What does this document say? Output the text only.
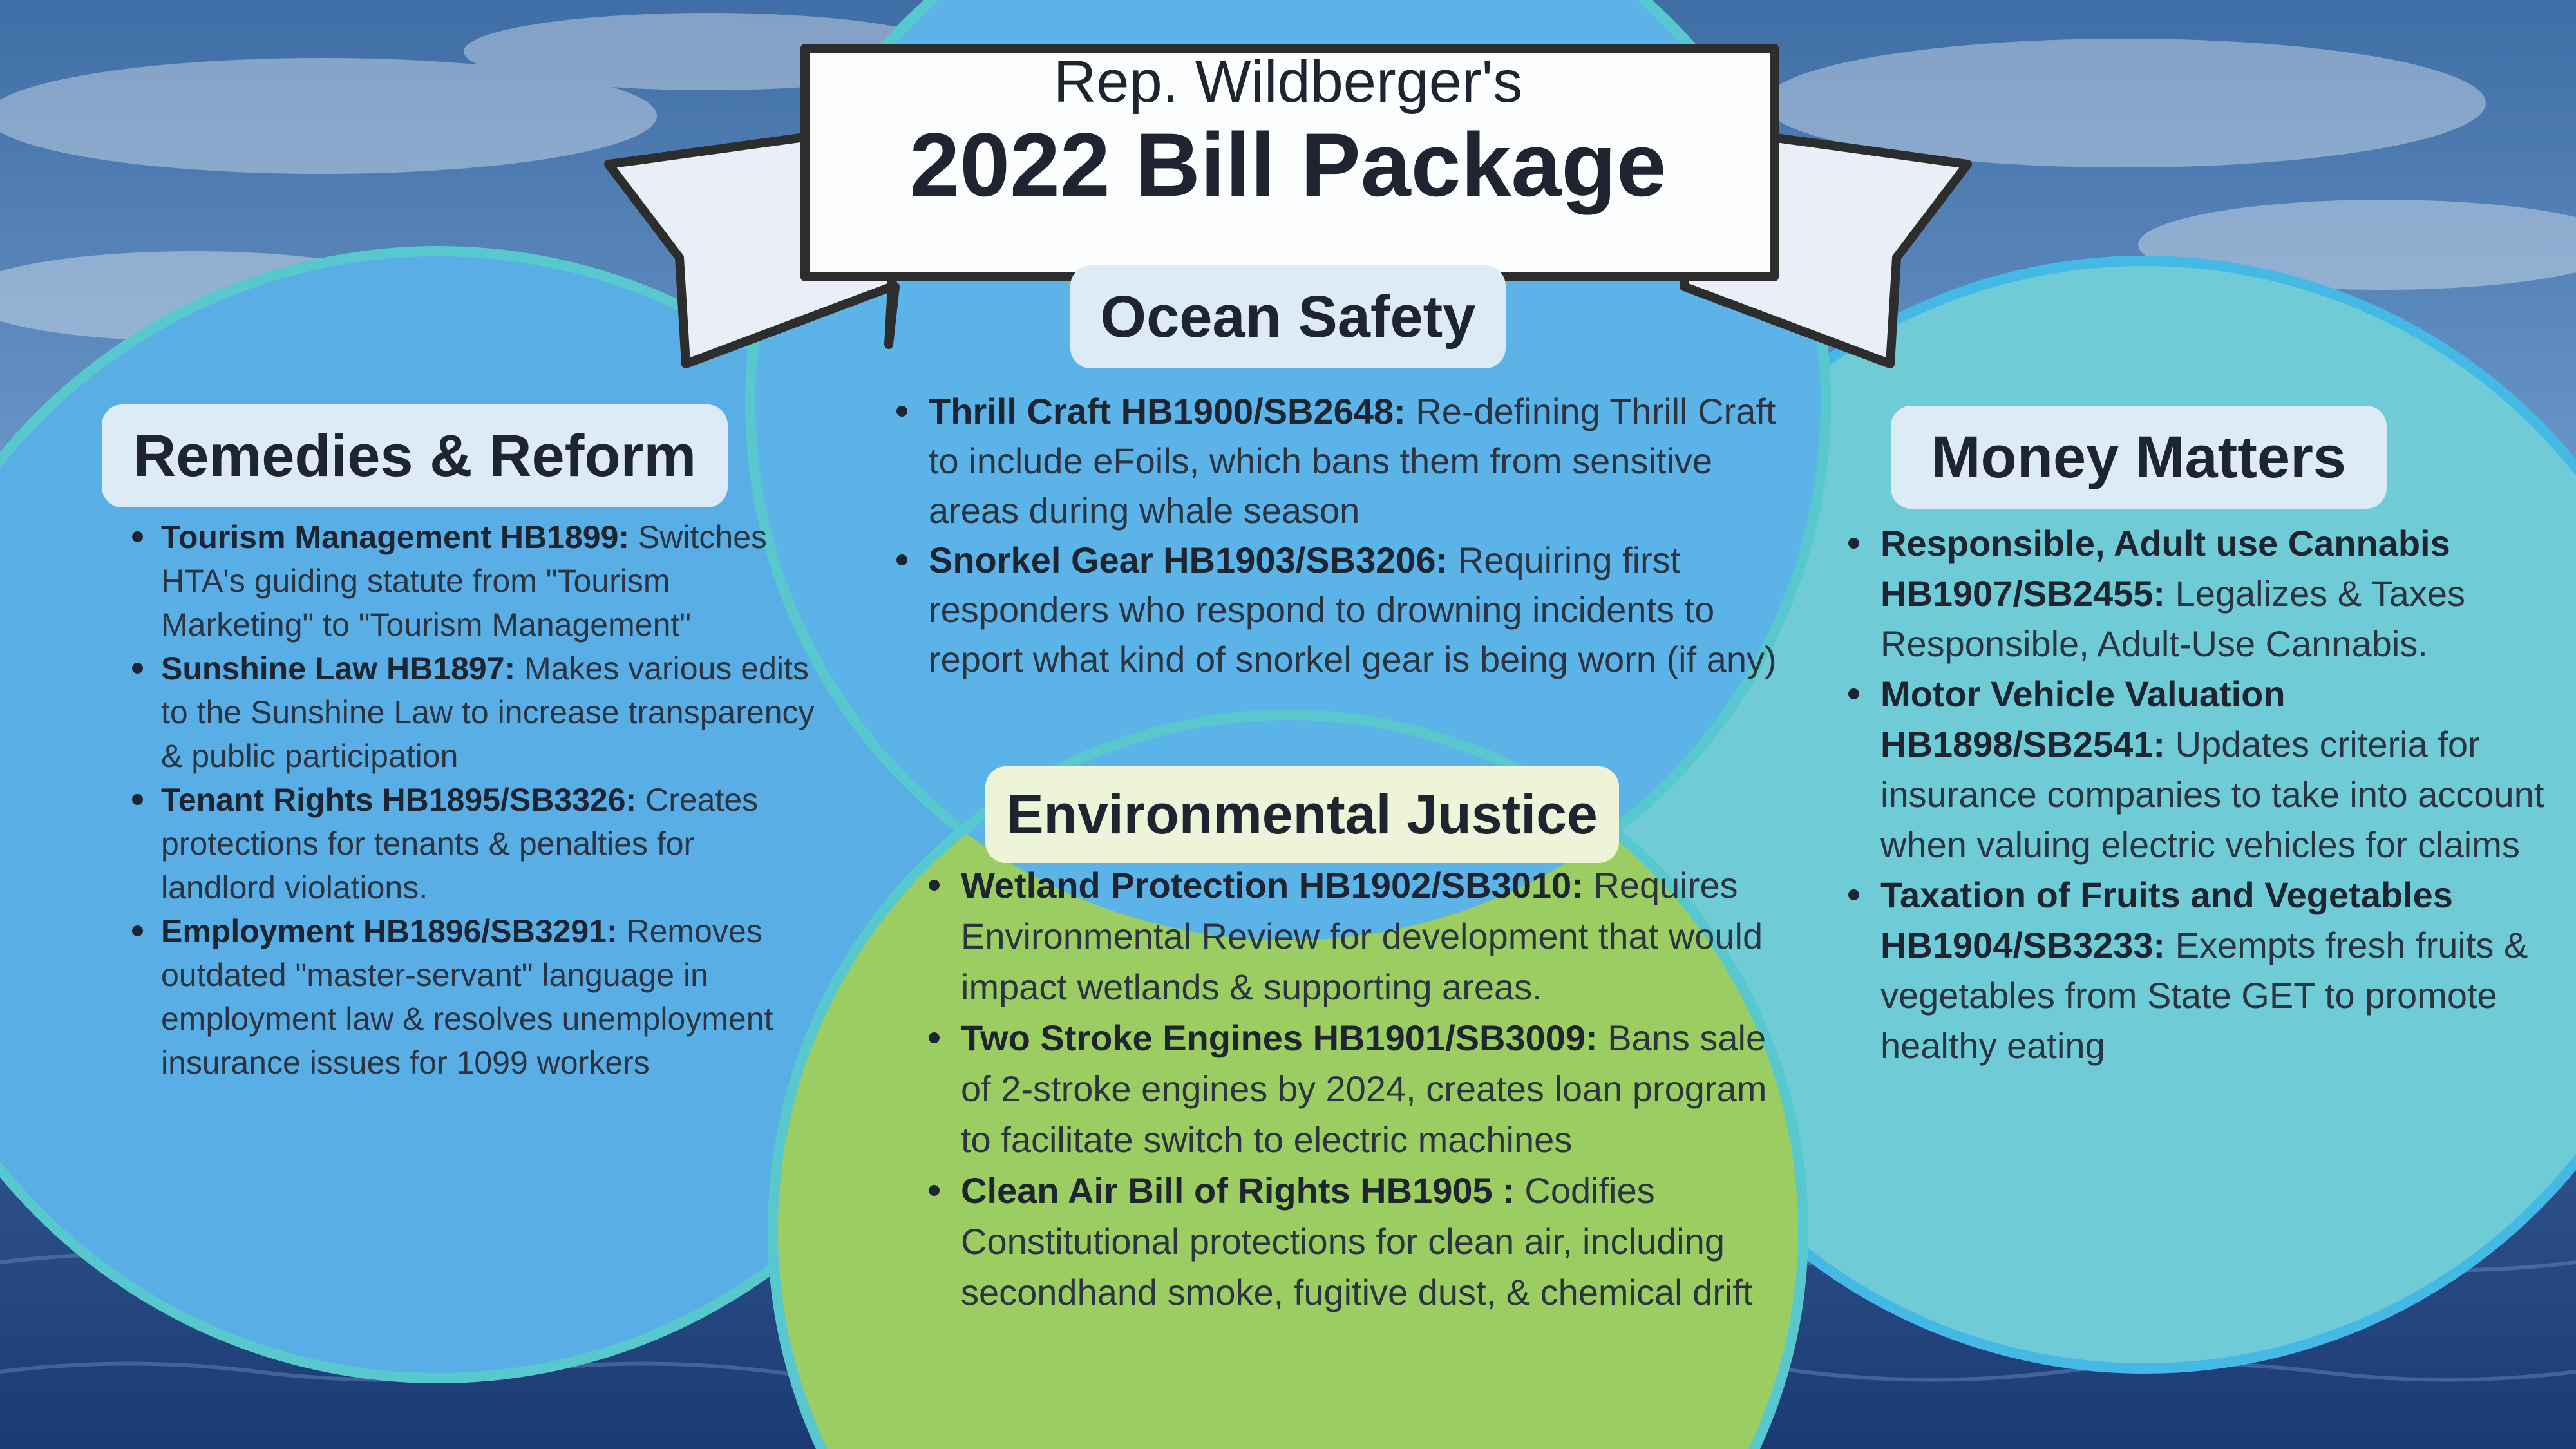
Rep. Wildberger's
2022 Bill Package
Remedies & Reform
Tourism Management HB1899: Switches HTA's guiding statute from "Tourism Marketing" to "Tourism Management"
Sunshine Law HB1897: Makes various edits to the Sunshine Law to increase transparency & public participation
Tenant Rights HB1895/SB3326: Creates protections for tenants & penalties for landlord violations.
Employment HB1896/SB3291: Removes outdated "master-servant" language in employment law & resolves unemployment insurance issues for 1099 workers
Ocean Safety
Thrill Craft HB1900/SB2648: Re-defining Thrill Craft to include eFoils, which bans them from sensitive areas during whale season
Snorkel Gear HB1903/SB3206: Requiring first responders who respond to drowning incidents to report what kind of snorkel gear is being worn (if any)
Environmental Justice
Wetland Protection HB1902/SB3010: Requires Environmental Review for development that would impact wetlands & supporting areas.
Two Stroke Engines HB1901/SB3009: Bans sale of 2-stroke engines by 2024, creates loan program to facilitate switch to electric machines
Clean Air Bill of Rights HB1905 : Codifies Constitutional protections for clean air, including secondhand smoke, fugitive dust, & chemical drift
Money Matters
Responsible, Adult use Cannabis HB1907/SB2455: Legalizes & Taxes Responsible, Adult-Use Cannabis.
Motor Vehicle Valuation HB1898/SB2541: Updates criteria for insurance companies to take into account when valuing electric vehicles for claims
Taxation of Fruits and Vegetables HB1904/SB3233: Exempts fresh fruits & vegetables from State GET to promote healthy eating
